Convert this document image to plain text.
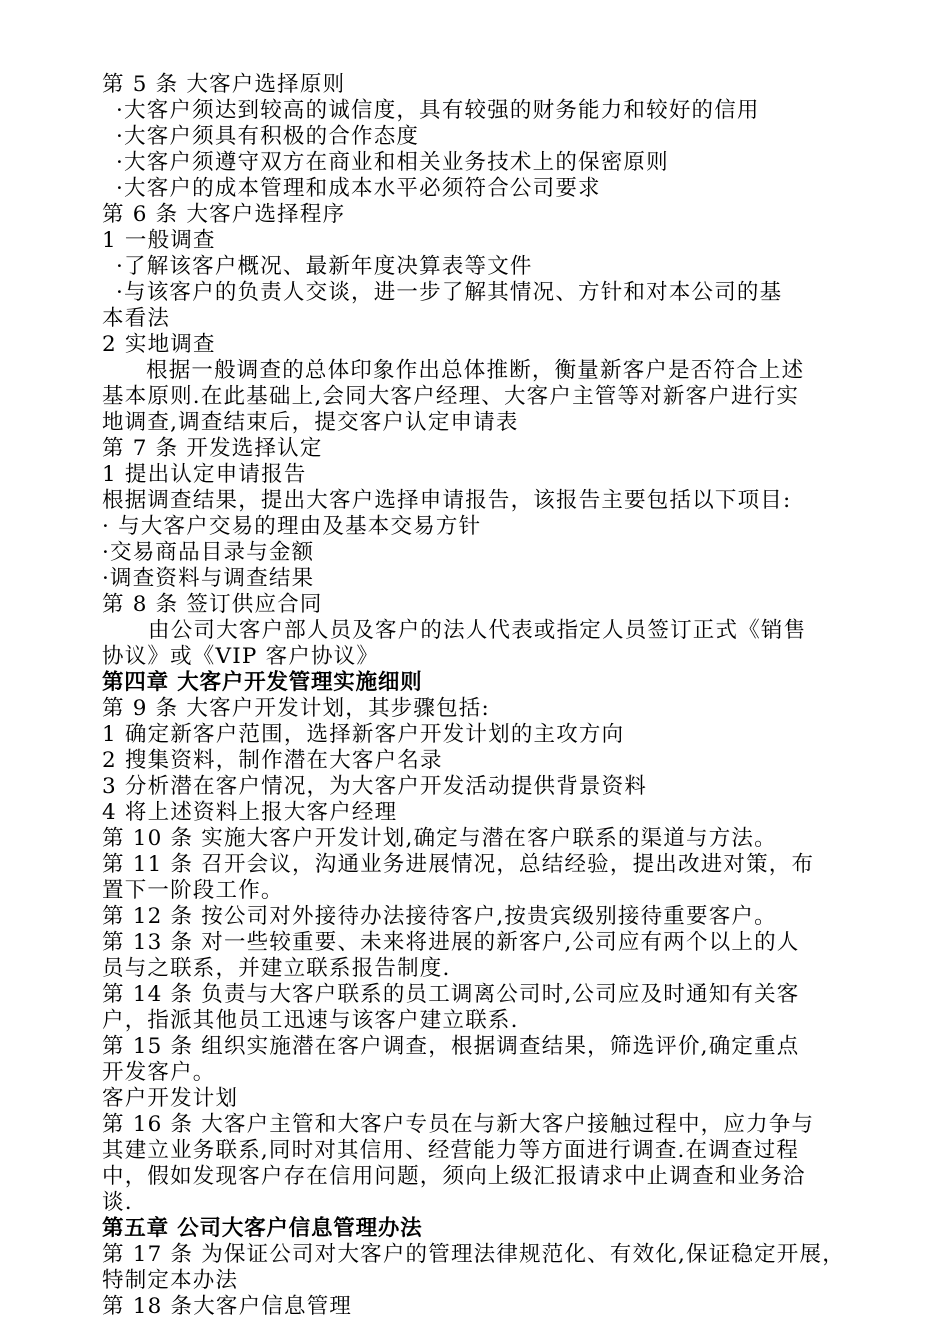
第 5 条 大客户选择原则

·大客户须达到较高的诚信度，具有较强的财务能力和较好的信用

·大客户须具有积极的合作态度

·大客户须遵守双方在商业和相关业务技术上的保密原则

·大客户的成本管理和成本水平必须符合公司要求

第 6 条 大客户选择程序

1 一般调查

·了解该客户概况、最新年度决算表等文件

·与该客户的负责人交谈，进一步了解其情况、方针和对本公司的基

本看法

2 实地调查

根据一般调查的总体印象作出总体推断，衡量新客户是否符合上述

基本原则.在此基础上,会同大客户经理、大客户主管等对新客户进行实

地调查,调查结束后，提交客户认定申请表

第 7 条 开发选择认定

1 提出认定申请报告

根据调查结果，提出大客户选择申请报告，该报告主要包括以下项目:

· 与大客户交易的理由及基本交易方针

·交易商品目录与金额

·调查资料与调查结果

第 8 条 签订供应合同

由公司大客户部人员及客户的法人代表或指定人员签订正式《销售

协议》或《VIP 客户协议》

第四章 大客户开发管理实施细则

第 9 条 大客户开发计划，其步骤包括:

1 确定新客户范围，选择新客户开发计划的主攻方向

2 搜集资料，制作潜在大客户名录

3 分析潜在客户情况，为大客户开发活动提供背景资料

4 将上述资料上报大客户经理

第 10 条 实施大客户开发计划,确定与潜在客户联系的渠道与方法。

第 11 条 召开会议，沟通业务进展情况，总结经验，提出改进对策，布

置下一阶段工作。

第 12 条 按公司对外接待办法接待客户,按贵宾级别接待重要客户。

第 13 条 对一些较重要、未来将进展的新客户,公司应有两个以上的人

员与之联系，并建立联系报告制度.

第 14 条 负责与大客户联系的员工调离公司时,公司应及时通知有关客

户，指派其他员工迅速与该客户建立联系.

第 15 条 组织实施潜在客户调查，根据调查结果，筛选评价,确定重点

开发客户。

客户开发计划

第 16 条 大客户主管和大客户专员在与新大客户接触过程中，应力争与

其建立业务联系,同时对其信用、经营能力等方面进行调查.在调查过程

中，假如发现客户存在信用问题，须向上级汇报请求中止调查和业务洽

谈.

第五章 公司大客户信息管理办法

第 17 条 为保证公司对大客户的管理法律规范化、有效化,保证稳定开展，

特制定本办法

第 18 条大客户信息管理
